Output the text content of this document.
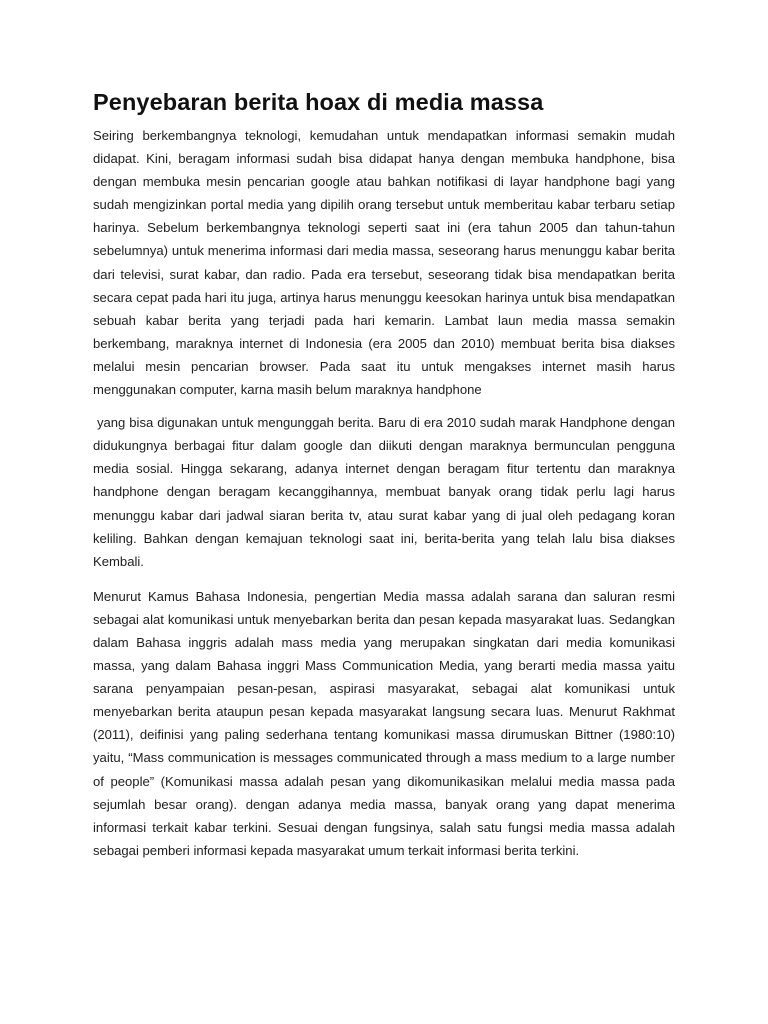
Penyebaran berita hoax di media massa

Seiring berkembangnya teknologi, kemudahan untuk mendapatkan informasi semakin mudah didapat. Kini, beragam informasi sudah bisa didapat hanya dengan membuka handphone, bisa dengan membuka mesin pencarian google atau bahkan notifikasi di layar handphone bagi yang sudah mengizinkan portal media yang dipilih orang tersebut untuk memberitau kabar terbaru setiap harinya. Sebelum berkembangnya teknologi seperti saat ini (era tahun 2005 dan tahun-tahun sebelumnya) untuk menerima informasi dari media massa, seseorang harus menunggu kabar berita dari televisi, surat kabar, dan radio. Pada era tersebut, seseorang tidak bisa mendapatkan berita secara cepat pada hari itu juga, artinya harus menunggu keesokan harinya untuk bisa mendapatkan sebuah kabar berita yang terjadi pada hari kemarin. Lambat laun media massa semakin berkembang, maraknya internet di Indonesia (era 2005 dan 2010) membuat berita bisa diakses melalui mesin pencarian browser. Pada saat itu untuk mengakses internet masih harus menggunakan computer, karna masih belum maraknya handphone

yang bisa digunakan untuk mengunggah berita. Baru di era 2010 sudah marak Handphone dengan didukungnya berbagai fitur dalam google dan diikuti dengan maraknya bermunculan pengguna media sosial. Hingga sekarang, adanya internet dengan beragam fitur tertentu dan maraknya handphone dengan beragam kecanggihannya, membuat banyak orang tidak perlu lagi harus menunggu kabar dari jadwal siaran berita tv, atau surat kabar yang di jual oleh pedagang koran keliling. Bahkan dengan kemajuan teknologi saat ini, berita-berita yang telah lalu bisa diakses Kembali.

Menurut Kamus Bahasa Indonesia, pengertian Media massa adalah sarana dan saluran resmi sebagai alat komunikasi untuk menyebarkan berita dan pesan kepada masyarakat luas. Sedangkan dalam Bahasa inggris adalah mass media yang merupakan singkatan dari media komunikasi massa, yang dalam Bahasa inggri Mass Communication Media, yang berarti media massa yaitu sarana penyampaian pesan-pesan, aspirasi masyarakat, sebagai alat komunikasi untuk menyebarkan berita ataupun pesan kepada masyarakat langsung secara luas. Menurut Rakhmat (2011), deifinisi yang paling sederhana tentang komunikasi massa dirumuskan Bittner (1980:10) yaitu, “Mass communication is messages communicated through a mass medium to a large number of people” (Komunikasi massa adalah pesan yang dikomunikasikan melalui media massa pada sejumlah besar orang). dengan adanya media massa, banyak orang yang dapat menerima informasi terkait kabar terkini. Sesuai dengan fungsinya, salah satu fungsi media massa adalah sebagai pemberi informasi kepada masyarakat umum terkait informasi berita terkini.
